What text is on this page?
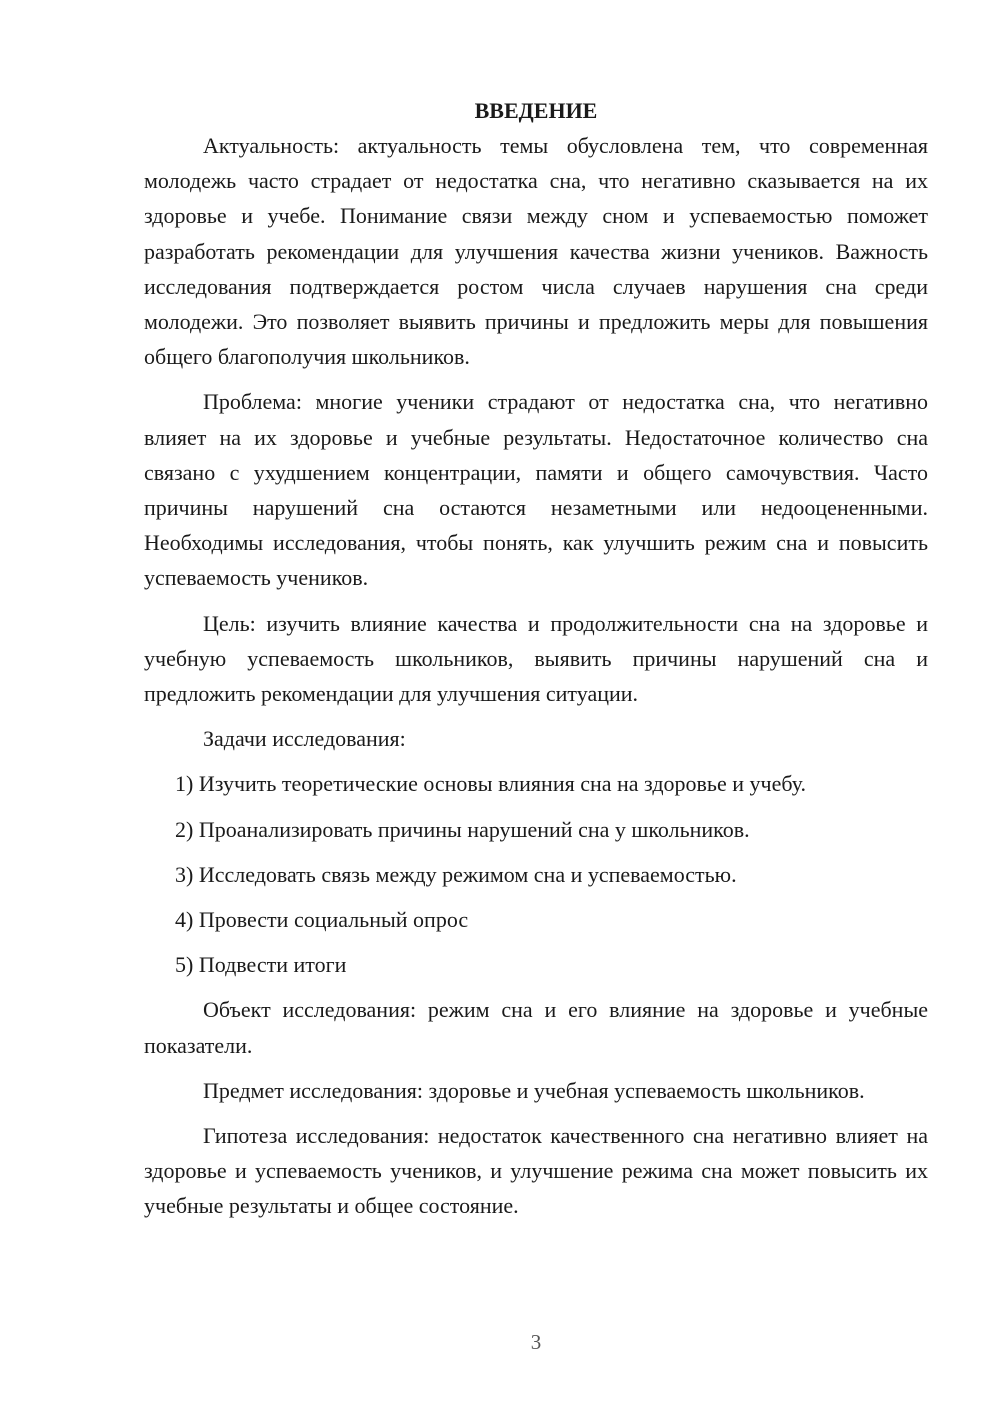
ВВЕДЕНИЕ

Актуальность: актуальность темы обусловлена тем, что современная молодежь часто страдает от недостатка сна, что негативно сказывается на их здоровье и учебе. Понимание связи между сном и успеваемостью поможет разработать рекомендации для улучшения качества жизни учеников. Важность исследования подтверждается ростом числа случаев нарушения сна среди молодежи. Это позволяет выявить причины и предложить меры для повышения общего благополучия школьников.

Проблема: многие ученики страдают от недостатка сна, что негативно влияет на их здоровье и учебные результаты. Недостаточное количество сна связано с ухудшением концентрации, памяти и общего самочувствия. Часто причины нарушений сна остаются незаметными или недооцененными. Необходимы исследования, чтобы понять, как улучшить режим сна и повысить успеваемость учеников.

Цель: изучить влияние качества и продолжительности сна на здоровье и учебную успеваемость школьников, выявить причины нарушений сна и предложить рекомендации для улучшения ситуации.

Задачи исследования:

1) Изучить теоретические основы влияния сна на здоровье и учебу.
2) Проанализировать причины нарушений сна у школьников.
3) Исследовать связь между режимом сна и успеваемостью.
4) Провести социальный опрос
5) Подвести итоги

Объект исследования: режим сна и его влияние на здоровье и учебные показатели.

Предмет исследования: здоровье и учебная успеваемость школьников.

Гипотеза исследования: недостаток качественного сна негативно влияет на здоровье и успеваемость учеников, и улучшение режима сна может повысить их учебные результаты и общее состояние.

3
